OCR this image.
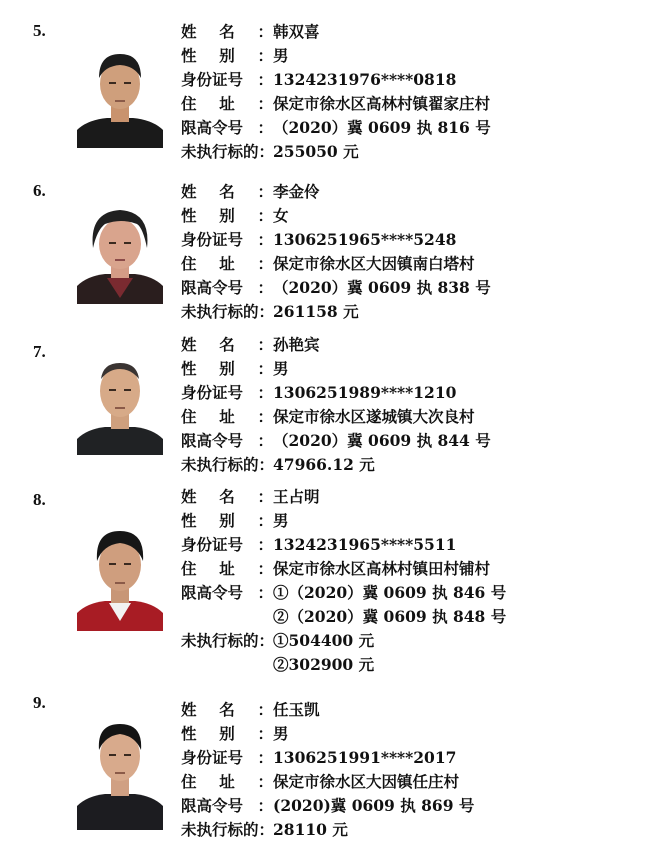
5.	姓 名 ： 韩双喜
性 别 ： 男
身份证号 ： 1324231976****0818
住 址 ： 保定市徐水区高林村镇翟家庄村
限高令号 ： （2020）冀 0609 执 816 号
未执行标的：255050 元
6.	姓 名 ： 李金伶
性 别 ： 女
身份证号 ： 1306251965****5248
住 址 ： 保定市徐水区大因镇南白塔村
限高令号 ： （2020）冀 0609 执 838 号
未执行标的：261158 元
7.	姓 名 ： 孙艳宾
性 别 ： 男
身份证号 ： 1306251989****1210
住 址 ： 保定市徐水区遂城镇大次良村
限高令号 ： （2020）冀 0609 执 844 号
未执行标的：47966.12 元
8.	姓 名 ： 王占明
性 别 ： 男
身份证号 ： 1324231965****5511
住 址 ： 保定市徐水区高林村镇田村铺村
限高令号 ： ①（2020）冀 0609 执 846 号
②（2020）冀 0609 执 848 号
未执行标的：①504400 元
②302900 元
9.	姓 名 ： 任玉凯
性 别 ： 男
身份证号 ： 1306251991****2017
住 址 ： 保定市徐水区大因镇任庄村
限高令号 ： (2020)冀 0609 执 869 号
未执行标的：28110 元
